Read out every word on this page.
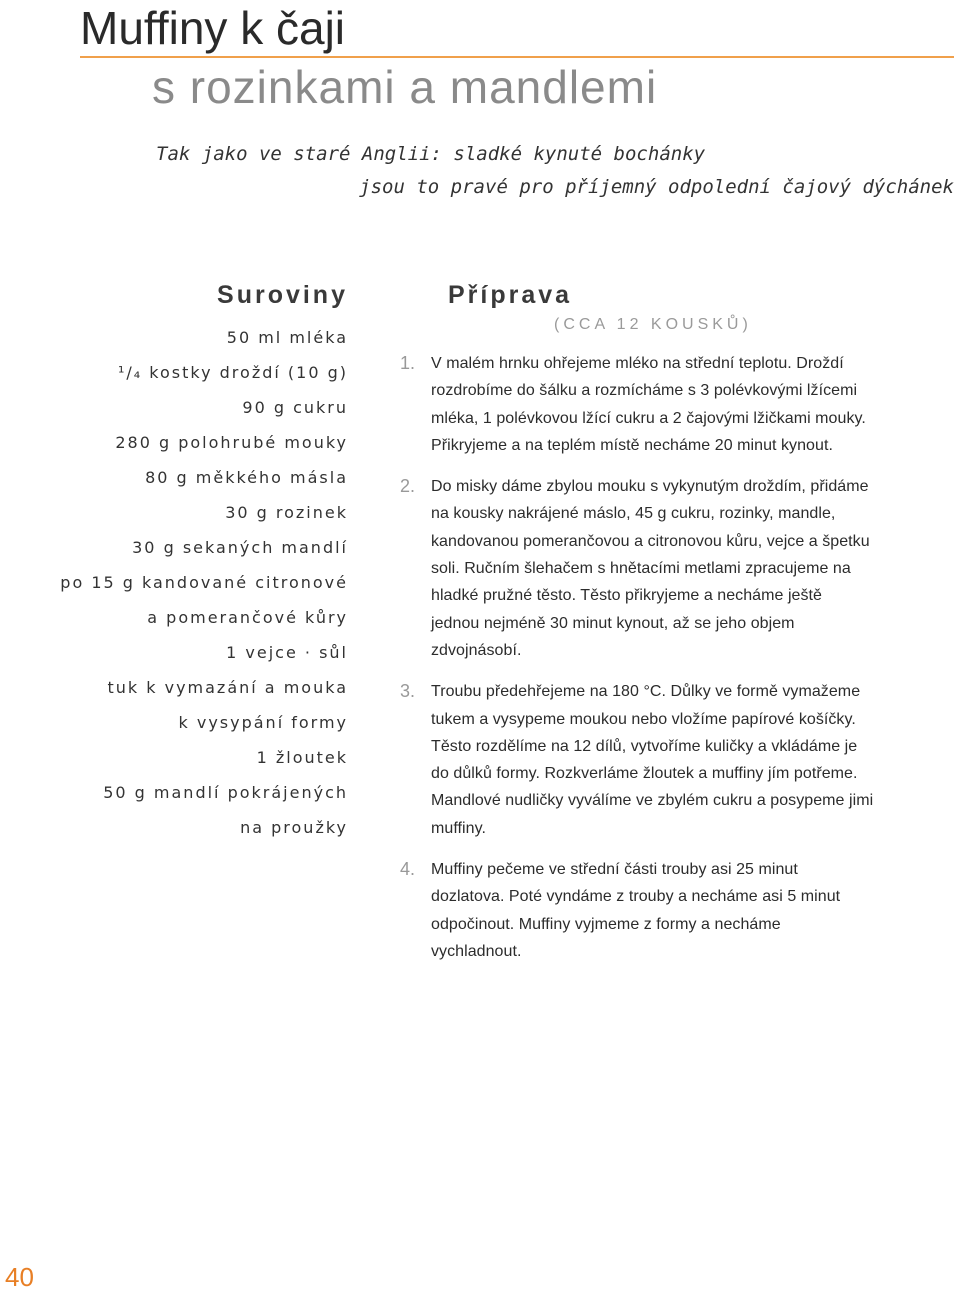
Muffiny k čaji
s rozinkami a mandlemi
Tak jako ve staré Anglii: sladké kynuté bochánky
jsou to pravé pro příjemný odpolední čajový dýchánek
Suroviny
50 ml mléka
¹/₄ kostky droždí (10 g)
90 g cukru
280 g polohrubé mouky
80 g měkkého másla
30 g rozinek
30 g sekaných mandlí
po 15 g kandované citronové
a pomerančové kůry
1 vejce · sůl
tuk k vymazání a mouka
k vysypání formy
1 žloutek
50 g mandlí pokrájených
na proužky
Příprava
(CCA 12 KOUSKŮ)
1. V malém hrnku ohřejeme mléko na střední teplotu. Droždí
rozdrobíme do šálku a rozmícháme s 3 polévkovými lžícemi
mléka, 1 polévkovou lžící cukru a 2 čajovými lžičkami mouky.
Přikryjeme a na teplém místě necháme 20 minut kynout.
2. Do misky dáme zbylou mouku s vykynutým droždím, přidáme
na kousky nakrájené máslo, 45 g cukru, rozinky, mandle,
kandovanou pomerančovou a citronovou kůru, vejce a špetku
soli. Ručním šlehačem s hnětacími metlami zpracujeme na
hladké pružné těsto. Těsto přikryjeme a necháme ještě
jednou nejméně 30 minut kynout, až se jeho objem
zdvojnásobí.
3. Troubu předehřejeme na 180 °C. Důlky ve formě vymažeme
tukem a vysypeme moukou nebo vložíme papírové košíčky.
Těsto rozdělíme na 12 dílů, vytvoříme kuličky a vkládáme je
do důlků formy. Rozkverláme žloutek a muffiny jím potřeme.
Mandlové nudličky vyválíme ve zbylém cukru a posypeme jimi
muffiny.
4. Muffiny pečeme ve střední části trouby asi 25 minut
dozlatova. Poté vyndáme z trouby a necháme asi 5 minut
odpočinout. Muffiny vyjmeme z formy a necháme
vychladnout.
40
